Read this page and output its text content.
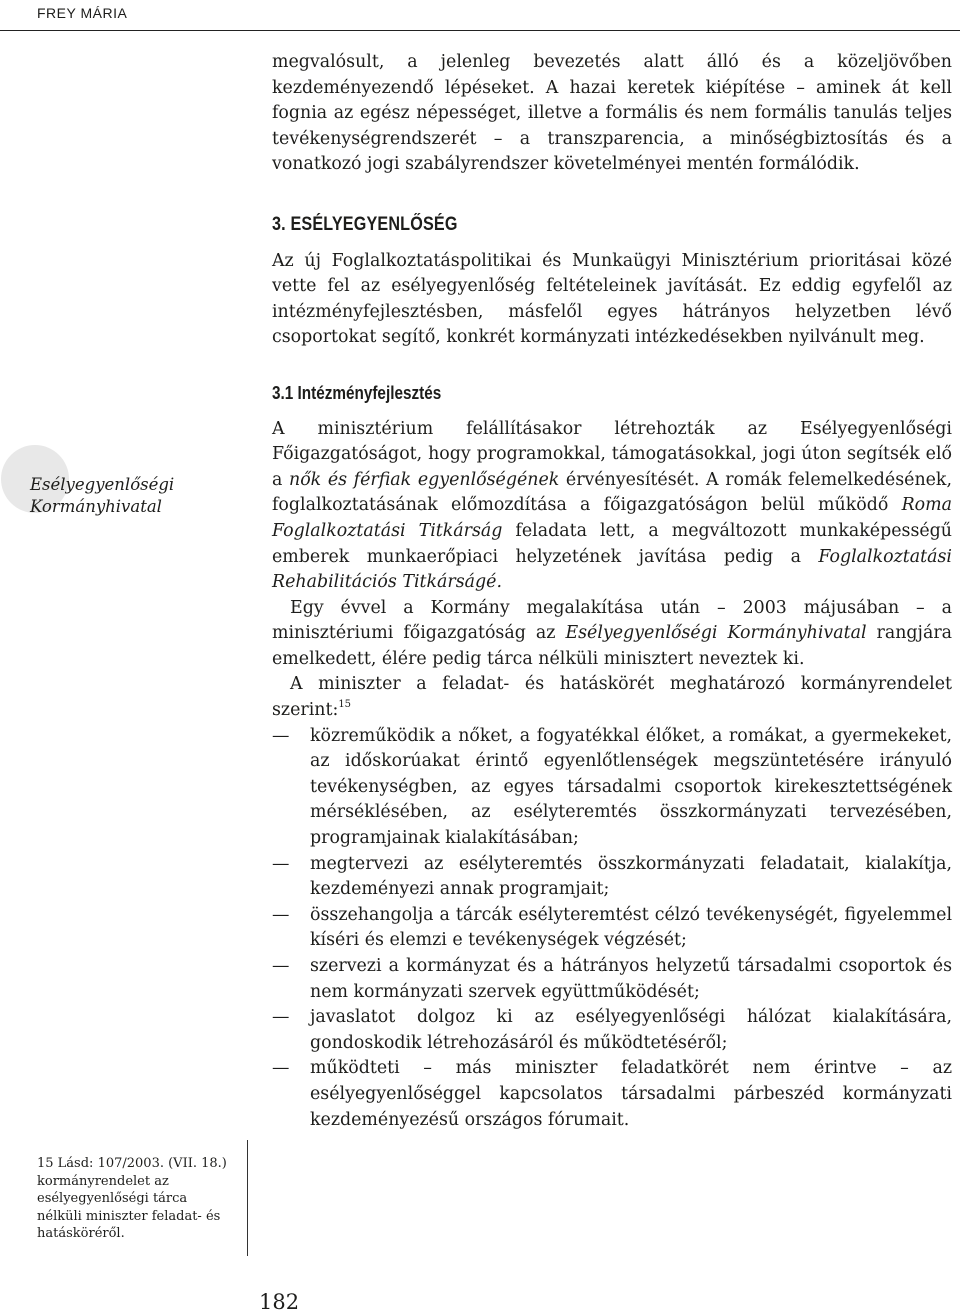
FREY MÁRIA

megvalósult, a jelenleg bevezetés alatt álló és a közeljövőben kezdeményezendő lépéseket. A hazai keretek kiépítése – aminek át kell fognia az egész népességet, illetve a formális és nem formális tanulás teljes tevékenységrendszerét – a transzparencia, a minőségbiztosítás és a vonatkozó jogi szabályrendszer követelményei mentén formálódik.

3. ESÉLYEGYENLŐSÉG

Az új Foglalkoztatáspolitikai és Munkaügyi Minisztérium prioritásai közé vette fel az esélyegyenlőség feltételeinek javítását. Ez eddig egyfelől az intézményfejlesztésben, másfelől egyes hátrányos helyzetben lévő csoportokat segítő, konkrét kormányzati intézkedésekben nyilvánult meg.

3.1 Intézményfejlesztés

A minisztérium felállításakor létrehozták az Esélyegyenlőségi Főigazgatóságot, hogy programokkal, támogatásokkal, jogi úton segítsék elő a nők és férfiak egyenlőségének érvényesítését. A romák felemelkedésének, foglalkoztatásának előmozdítása a főigazgatóságon belül működő Roma Foglalkoztatási Titkárság feladata lett, a megváltozott munkaképességű emberek munkaerőpiaci helyzetének javítása pedig a Foglalkoztatási Rehabilitációs Titkárságé.

Egy évvel a Kormány megalakítása után – 2003 májusában – a minisztériumi főigazgatóság az Esélyegyenlőségi Kormányhivatal rangjára emelkedett, élére pedig tárca nélküli minisztert neveztek ki.

A miniszter a feladat- és hatáskörét meghatározó kormányrendelet szerint:$^{15}$

— közreműködik a nőket, a fogyatékkal élőket, a romákat, a gyermekeket, az időskorúakat érintő egyenlőtlenségek megszüntetésére irányuló tevékenységben, az egyes társadalmi csoportok kirekesztettségének mérséklésében, az esélyteremtés összkormányzati tervezésében, programjainak kialakításában;
— megtervezi az esélyteremtés összkormányzati feladatait, kialakítja, kezdeményezi annak programjait;
— összehangolja a tárcák esélyteremtést célzó tevékenységét, figyelemmel kíséri és elemzi e tevékenységek végzését;
— szervezi a kormányzat és a hátrányos helyzetű társadalmi csoportok és nem kormányzati szervek együttműködését;
— javaslatot dolgoz ki az esélyegyenlőségi hálózat kialakítására, gondoskodik létrehozásáról és működtetéséről;
— működteti – más miniszter feladatkörét nem érintve – az esélyegyenlőséggel kapcsolatos társadalmi párbeszéd kormányzati kezdeményezésű országos fórumait.
Esélyegyenlőségi
Kormányhivatal
15 Lásd: 107/2003. (VII. 18.) kormányrendelet az esélyegyenlőségi tárca nélküli miniszter feladat- és hatásköréről.
182
